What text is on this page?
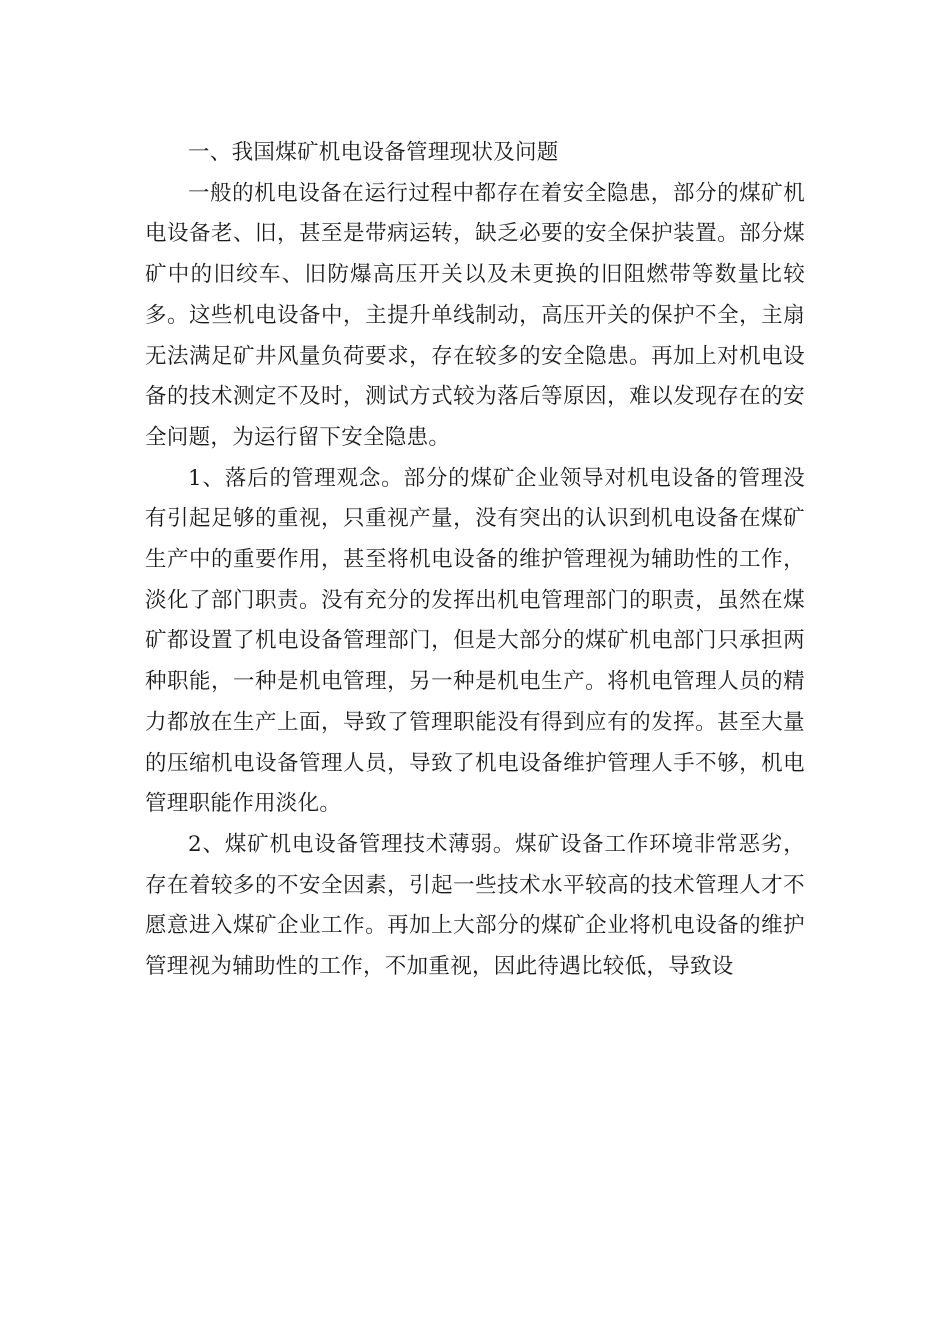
一、我国煤矿机电设备管理现状及问题

一般的机电设备在运行过程中都存在着安全隐患，部分的煤矿机电设备老、旧，甚至是带病运转，缺乏必要的安全保护装置。部分煤矿中的旧绞车、旧防爆高压开关以及未更换的旧阻燃带等数量比较多。这些机电设备中，主提升单线制动，高压开关的保护不全，主扇无法满足矿井风量负荷要求，存在较多的安全隐患。再加上对机电设备的技术测定不及时，测试方式较为落后等原因，难以发现存在的安全问题，为运行留下安全隐患。

1、落后的管理观念。部分的煤矿企业领导对机电设备的管理没有引起足够的重视，只重视产量，没有突出的认识到机电设备在煤矿生产中的重要作用，甚至将机电设备的维护管理视为辅助性的工作，淡化了部门职责。没有充分的发挥出机电管理部门的职责，虽然在煤矿都设置了机电设备管理部门，但是大部分的煤矿机电部门只承担两种职能，一种是机电管理，另一种是机电生产。将机电管理人员的精力都放在生产上面，导致了管理职能没有得到应有的发挥。甚至大量的压缩机电设备管理人员，导致了机电设备维护管理人手不够，机电管理职能作用淡化。

2、煤矿机电设备管理技术薄弱。煤矿设备工作环境非常恶劣，存在着较多的不安全因素，引起一些技术水平较高的技术管理人才不愿意进入煤矿企业工作。再加上大部分的煤矿企业将机电设备的维护管理视为辅助性的工作，不加重视，因此待遇比较低，导致设
